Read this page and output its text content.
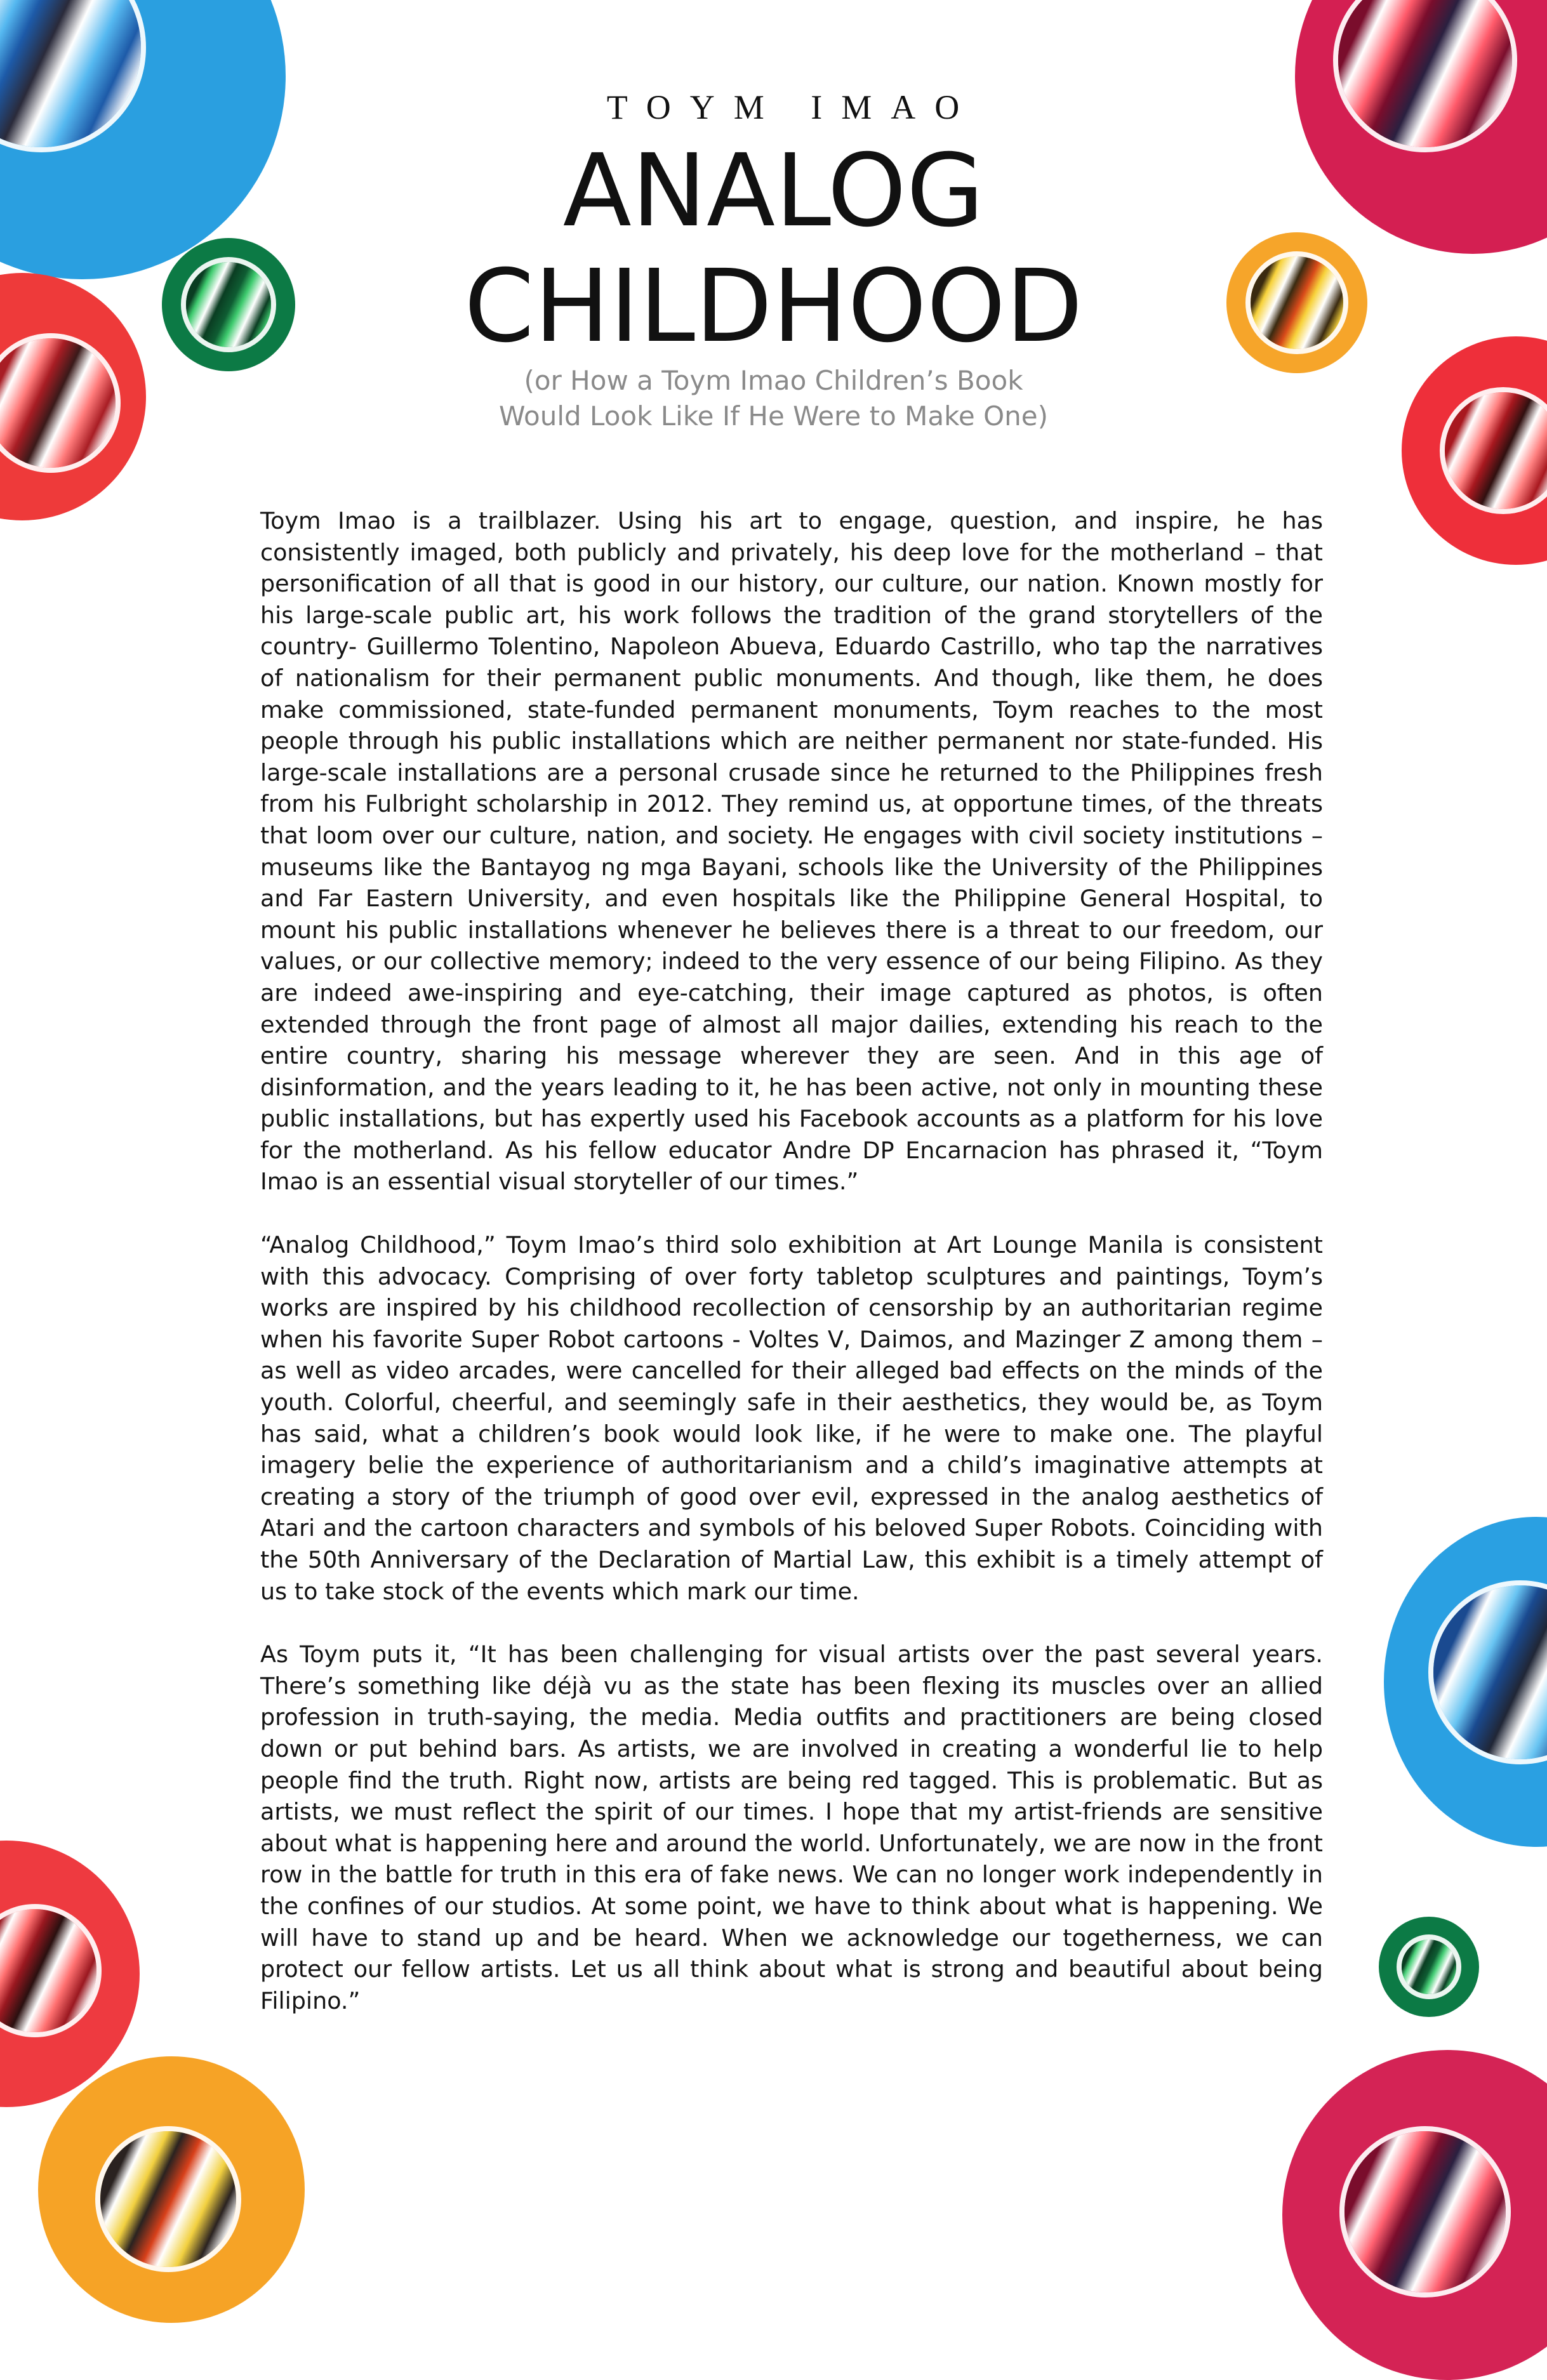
TOYM IMAO
ANALOG
CHILDHOOD
(or How a Toym Imao Children’s Book
Would Look Like If He Were to Make One)

Toym Imao is a trailblazer. Using his art to engage, question, and inspire, he has consistently imaged, both publicly and privately, his deep love for the motherland – that personification of all that is good in our history, our culture, our nation. Known mostly for his large-scale public art, his work follows the tradition of the grand storytellers of the country- Guillermo Tolentino, Napoleon Abueva, Eduardo Castrillo, who tap the narratives of nationalism for their permanent public monuments. And though, like them, he does make commissioned, state-funded permanent monuments, Toym reaches to the most people through his public installations which are neither permanent nor state-funded. His large-scale installations are a personal crusade since he returned to the Philippines fresh from his Fulbright scholarship in 2012. They remind us, at opportune times, of the threats that loom over our culture, nation, and society. He engages with civil society institutions – museums like the Bantayog ng mga Bayani, schools like the University of the Philippines and Far Eastern University, and even hospitals like the Philippine General Hospital, to mount his public installations whenever he believes there is a threat to our freedom, our values, or our collective memory; indeed to the very essence of our being Filipino. As they are indeed awe-inspiring and eye-catching, their image captured as photos, is often extended through the front page of almost all major dailies, extending his reach to the entire country, sharing his message wherever they are seen. And in this age of disinformation, and the years leading to it, he has been active, not only in mounting these public installations, but has expertly used his Facebook accounts as a platform for his love for the motherland. As his fellow educator Andre DP Encarnacion has phrased it, “Toym Imao is an essential visual storyteller of our times.”

“Analog Childhood,” Toym Imao’s third solo exhibition at Art Lounge Manila is consistent with this advocacy. Comprising of over forty tabletop sculptures and paintings, Toym’s works are inspired by his childhood recollection of censorship by an authoritarian regime when his favorite Super Robot cartoons - Voltes V, Daimos, and Mazinger Z among them – as well as video arcades, were cancelled for their alleged bad effects on the minds of the youth. Colorful, cheerful, and seemingly safe in their aesthetics, they would be, as Toym has said, what a children’s book would look like, if he were to make one. The playful imagery belie the experience of authoritarianism and a child’s imaginative attempts at creating a story of the triumph of good over evil, expressed in the analog aesthetics of Atari and the cartoon characters and symbols of his beloved Super Robots. Coinciding with the 50th Anniversary of the Declaration of Martial Law, this exhibit is a timely attempt of us to take stock of the events which mark our time.

As Toym puts it, “It has been challenging for visual artists over the past several years. There’s something like déjà vu as the state has been flexing its muscles over an allied profession in truth-saying, the media. Media outfits and practitioners are being closed down or put behind bars. As artists, we are involved in creating a wonderful lie to help people find the truth. Right now, artists are being red tagged. This is problematic. But as artists, we must reflect the spirit of our times. I hope that my artist-friends are sensitive about what is happening here and around the world. Unfortunately, we are now in the front row in the battle for truth in this era of fake news. We can no longer work independently in the confines of our studios. At some point, we have to think about what is happening. We will have to stand up and be heard. When we acknowledge our togetherness, we can protect our fellow artists. Let us all think about what is strong and beautiful about being Filipino.”
